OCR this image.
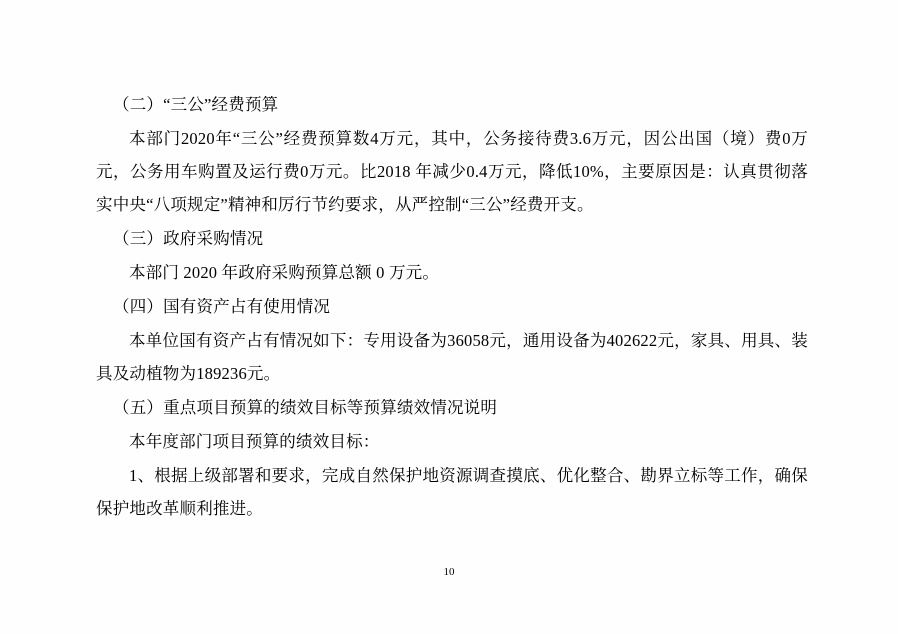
（二）“三公”经费预算

本部门2020年“三公”经费预算数4万元，其中，公务接待费3.6万元，因公出国（境）费0万元，公务用车购置及运行费0万元。比2018 年减少0.4万元，降低10%，主要原因是：认真贯彻落实中央“八项规定”精神和厉行节约要求，从严控制“三公”经费开支。

（三）政府采购情况

本部门 2020 年政府采购预算总额 0 万元。

（四）国有资产占有使用情况

本单位国有资产占有情况如下：专用设备为36058元，通用设备为402622元，家具、用具、装具及动植物为189236元。

（五）重点项目预算的绩效目标等预算绩效情况说明

本年度部门项目预算的绩效目标：

1、根据上级部署和要求，完成自然保护地资源调查摸底、优化整合、勘界立标等工作，确保保护地改革顺利推进。

10
